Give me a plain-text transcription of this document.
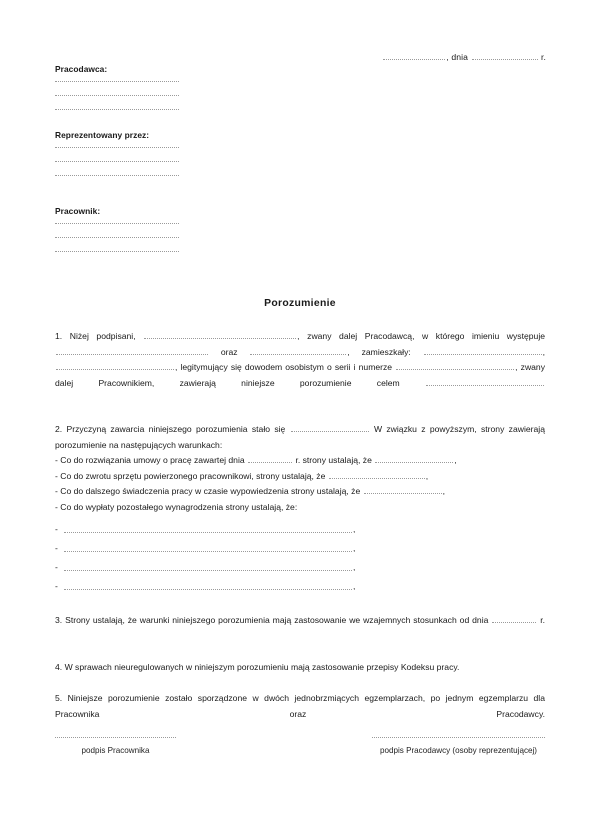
, dnia	r.
Pracodawca:
Reprezentowany przez:
Pracownik:
Porozumienie
1. Niżej podpisani,	, zwany dalej Pracodawcą, w którego imieniu występuje  oraz	, zamieszkały:	, , legitymujący się dowodem osobistym o serii i numerze	, zwany dalej Pracownikiem, zawierają niniejsze porozumienie celem
2. Przyczyną zawarcia niniejszego porozumienia stało się	W związku z powyższym, strony zawierają porozumienie na następujących warunkach:
- Co do rozwiązania umowy o pracę zawartej dnia	r. strony ustalają, że	,
- Co do zwrotu sprzętu powierzonego pracownikowi, strony ustalają, że	,
- Co do dalszego świadczenia pracy w czasie wypowiedzenia strony ustalają, że	,
- Co do wypłaty pozostałego wynagrodzenia strony ustalają, że:
-	,
-	,
-	,
-	,
3. Strony ustalają, że warunki niniejszego porozumienia mają zastosowanie we wzajemnych stosunkach od dnia	r.
4. W sprawach nieuregulowanych w niniejszym porozumieniu mają zastosowanie przepisy Kodeksu pracy.
5. Niniejsze porozumienie zostało sporządzone w dwóch jednobrzmiących egzemplarzach, po jednym egzemplarzu dla Pracownika oraz Pracodawcy.
podpis Pracownika	podpis Pracodawcy (osoby reprezentującej)
